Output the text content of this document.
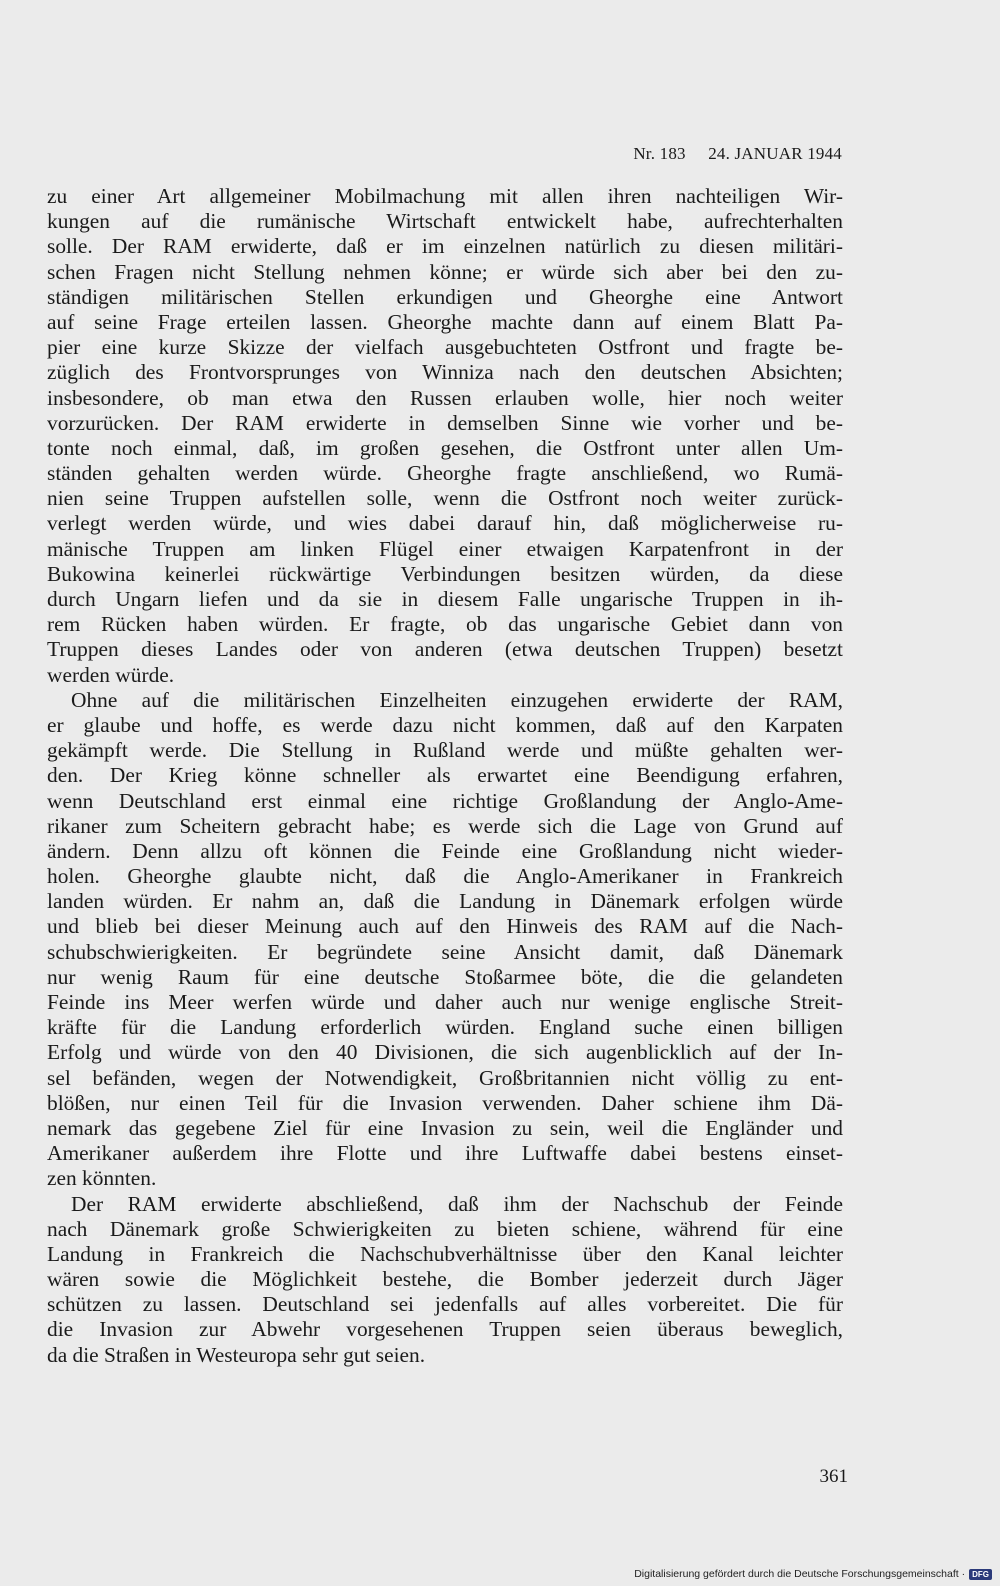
Nr. 183 24. JANUAR 1944
zu einer Art allgemeiner Mobilmachung mit allen ihren nachteiligen Wir-
kungen auf die rumänische Wirtschaft entwickelt habe, aufrechterhalten
solle. Der RAM erwiderte, daß er im einzelnen natürlich zu diesen militäri-
schen Fragen nicht Stellung nehmen könne; er würde sich aber bei den zu-
ständigen militärischen Stellen erkundigen und Gheorghe eine Antwort
auf seine Frage erteilen lassen. Gheorghe machte dann auf einem Blatt Pa-
pier eine kurze Skizze der vielfach ausgebuchteten Ostfront und fragte be-
züglich des Frontvorsprunges von Winniza nach den deutschen Absichten;
insbesondere, ob man etwa den Russen erlauben wolle, hier noch weiter
vorzurücken. Der RAM erwiderte in demselben Sinne wie vorher und be-
tonte noch einmal, daß, im großen gesehen, die Ostfront unter allen Um-
ständen gehalten werden würde. Gheorghe fragte anschließend, wo Rumä-
nien seine Truppen aufstellen solle, wenn die Ostfront noch weiter zurück-
verlegt werden würde, und wies dabei darauf hin, daß möglicherweise ru-
mänische Truppen am linken Flügel einer etwaigen Karpatenfront in der
Bukowina keinerlei rückwärtige Verbindungen besitzen würden, da diese
durch Ungarn liefen und da sie in diesem Falle ungarische Truppen in ih-
rem Rücken haben würden. Er fragte, ob das ungarische Gebiet dann von
Truppen dieses Landes oder von anderen (etwa deutschen Truppen) besetzt
werden würde.
Ohne auf die militärischen Einzelheiten einzugehen erwiderte der RAM,
er glaube und hoffe, es werde dazu nicht kommen, daß auf den Karpaten
gekämpft werde. Die Stellung in Rußland werde und müßte gehalten wer-
den. Der Krieg könne schneller als erwartet eine Beendigung erfahren,
wenn Deutschland erst einmal eine richtige Großlandung der Anglo-Ame-
rikaner zum Scheitern gebracht habe; es werde sich die Lage von Grund auf
ändern. Denn allzu oft können die Feinde eine Großlandung nicht wieder-
holen. Gheorghe glaubte nicht, daß die Anglo-Amerikaner in Frankreich
landen würden. Er nahm an, daß die Landung in Dänemark erfolgen würde
und blieb bei dieser Meinung auch auf den Hinweis des RAM auf die Nach-
schubschwierigkeiten. Er begründete seine Ansicht damit, daß Dänemark
nur wenig Raum für eine deutsche Stoßarmee böte, die die gelandeten
Feinde ins Meer werfen würde und daher auch nur wenige englische Streit-
kräfte für die Landung erforderlich würden. England suche einen billigen
Erfolg und würde von den 40 Divisionen, die sich augenblicklich auf der In-
sel befänden, wegen der Notwendigkeit, Großbritannien nicht völlig zu ent-
blößen, nur einen Teil für die Invasion verwenden. Daher schiene ihm Dä-
nemark das gegebene Ziel für eine Invasion zu sein, weil die Engländer und
Amerikaner außerdem ihre Flotte und ihre Luftwaffe dabei bestens einset-
zen könnten.
Der RAM erwiderte abschließend, daß ihm der Nachschub der Feinde
nach Dänemark große Schwierigkeiten zu bieten schiene, während für eine
Landung in Frankreich die Nachschubverhältnisse über den Kanal leichter
wären sowie die Möglichkeit bestehe, die Bomber jederzeit durch Jäger
schützen zu lassen. Deutschland sei jedenfalls auf alles vorbereitet. Die für
die Invasion zur Abwehr vorgesehenen Truppen seien überaus beweglich,
da die Straßen in Westeuropa sehr gut seien.
361
Digitalisierung gefördert durch die Deutsche Forschungsgemeinschaft · DFG
